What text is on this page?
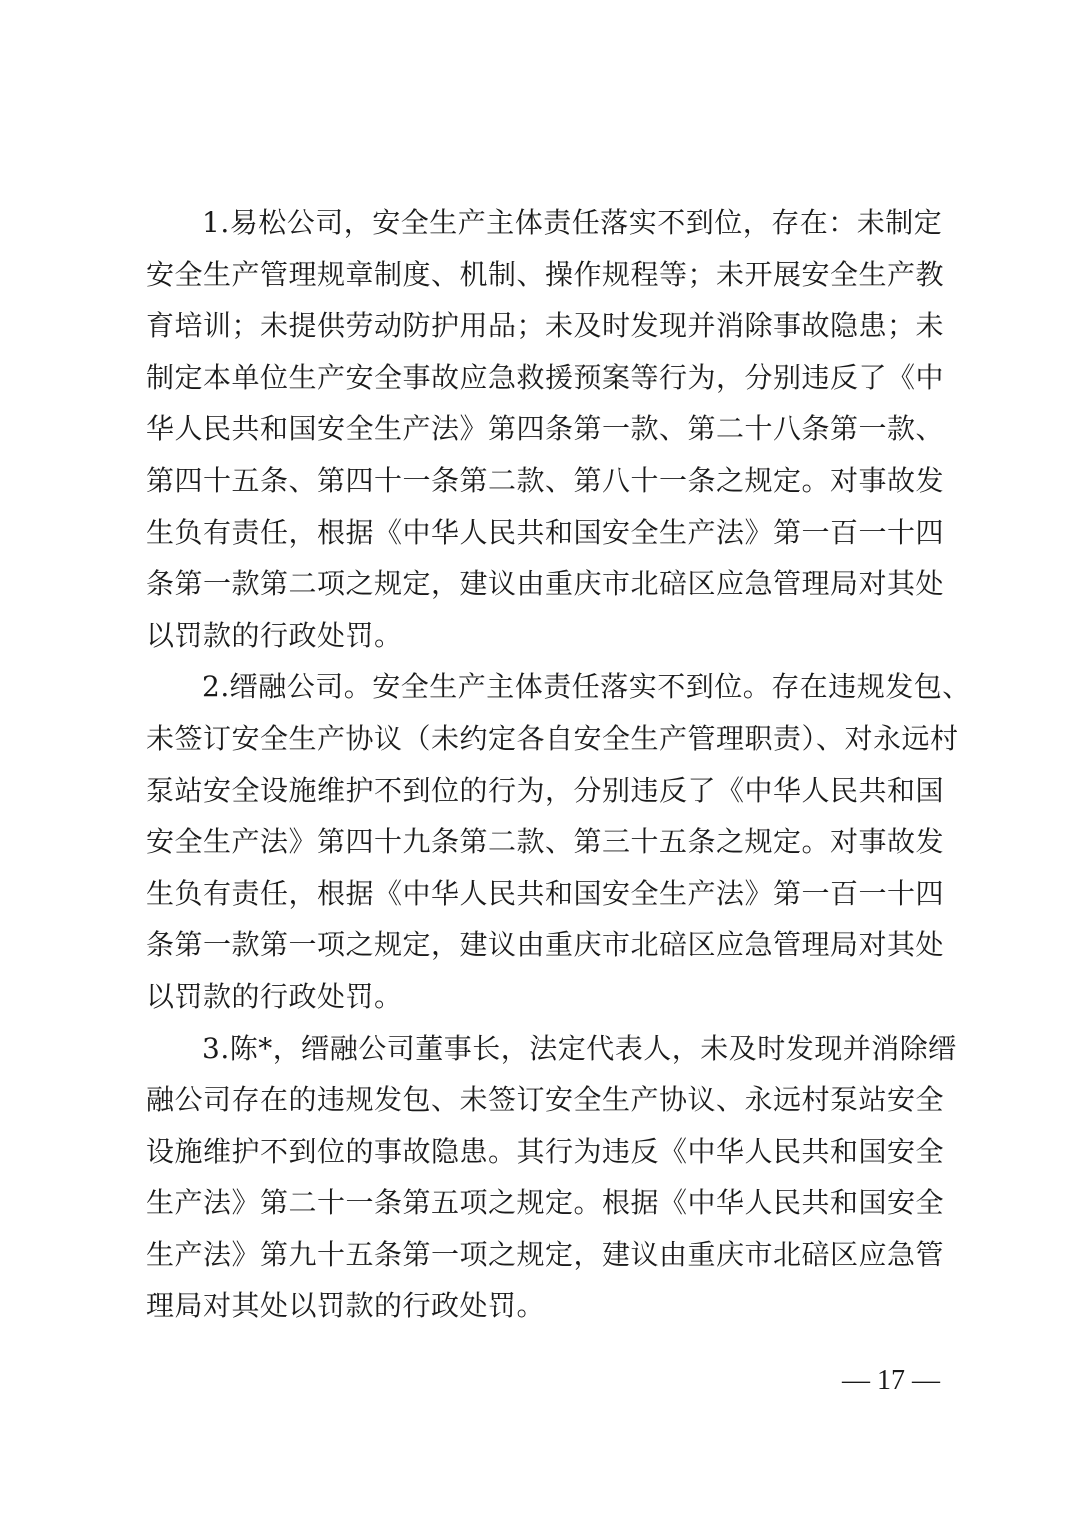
1.易松公司，安全生产主体责任落实不到位，存在：未制定
安全生产管理规章制度、机制、操作规程等；未开展安全生产教
育培训；未提供劳动防护用品；未及时发现并消除事故隐患；未
制定本单位生产安全事故应急救援预案等行为，分别违反了《中
华人民共和国安全生产法》第四条第一款、第二十八条第一款、
第四十五条、第四十一条第二款、第八十一条之规定。对事故发
生负有责任，根据《中华人民共和国安全生产法》第一百一十四
条第一款第二项之规定，建议由重庆市北碚区应急管理局对其处
以罚款的行政处罚。
2.缙融公司。安全生产主体责任落实不到位。存在违规发包、
未签订安全生产协议（未约定各自安全生产管理职责）、对永远村
泵站安全设施维护不到位的行为，分别违反了《中华人民共和国
安全生产法》第四十九条第二款、第三十五条之规定。对事故发
生负有责任，根据《中华人民共和国安全生产法》第一百一十四
条第一款第一项之规定，建议由重庆市北碚区应急管理局对其处
以罚款的行政处罚。
3.陈*，缙融公司董事长，法定代表人，未及时发现并消除缙
融公司存在的违规发包、未签订安全生产协议、永远村泵站安全
设施维护不到位的事故隐患。其行为违反《中华人民共和国安全
生产法》第二十一条第五项之规定。根据《中华人民共和国安全
生产法》第九十五条第一项之规定，建议由重庆市北碚区应急管
理局对其处以罚款的行政处罚。
— 17 —
